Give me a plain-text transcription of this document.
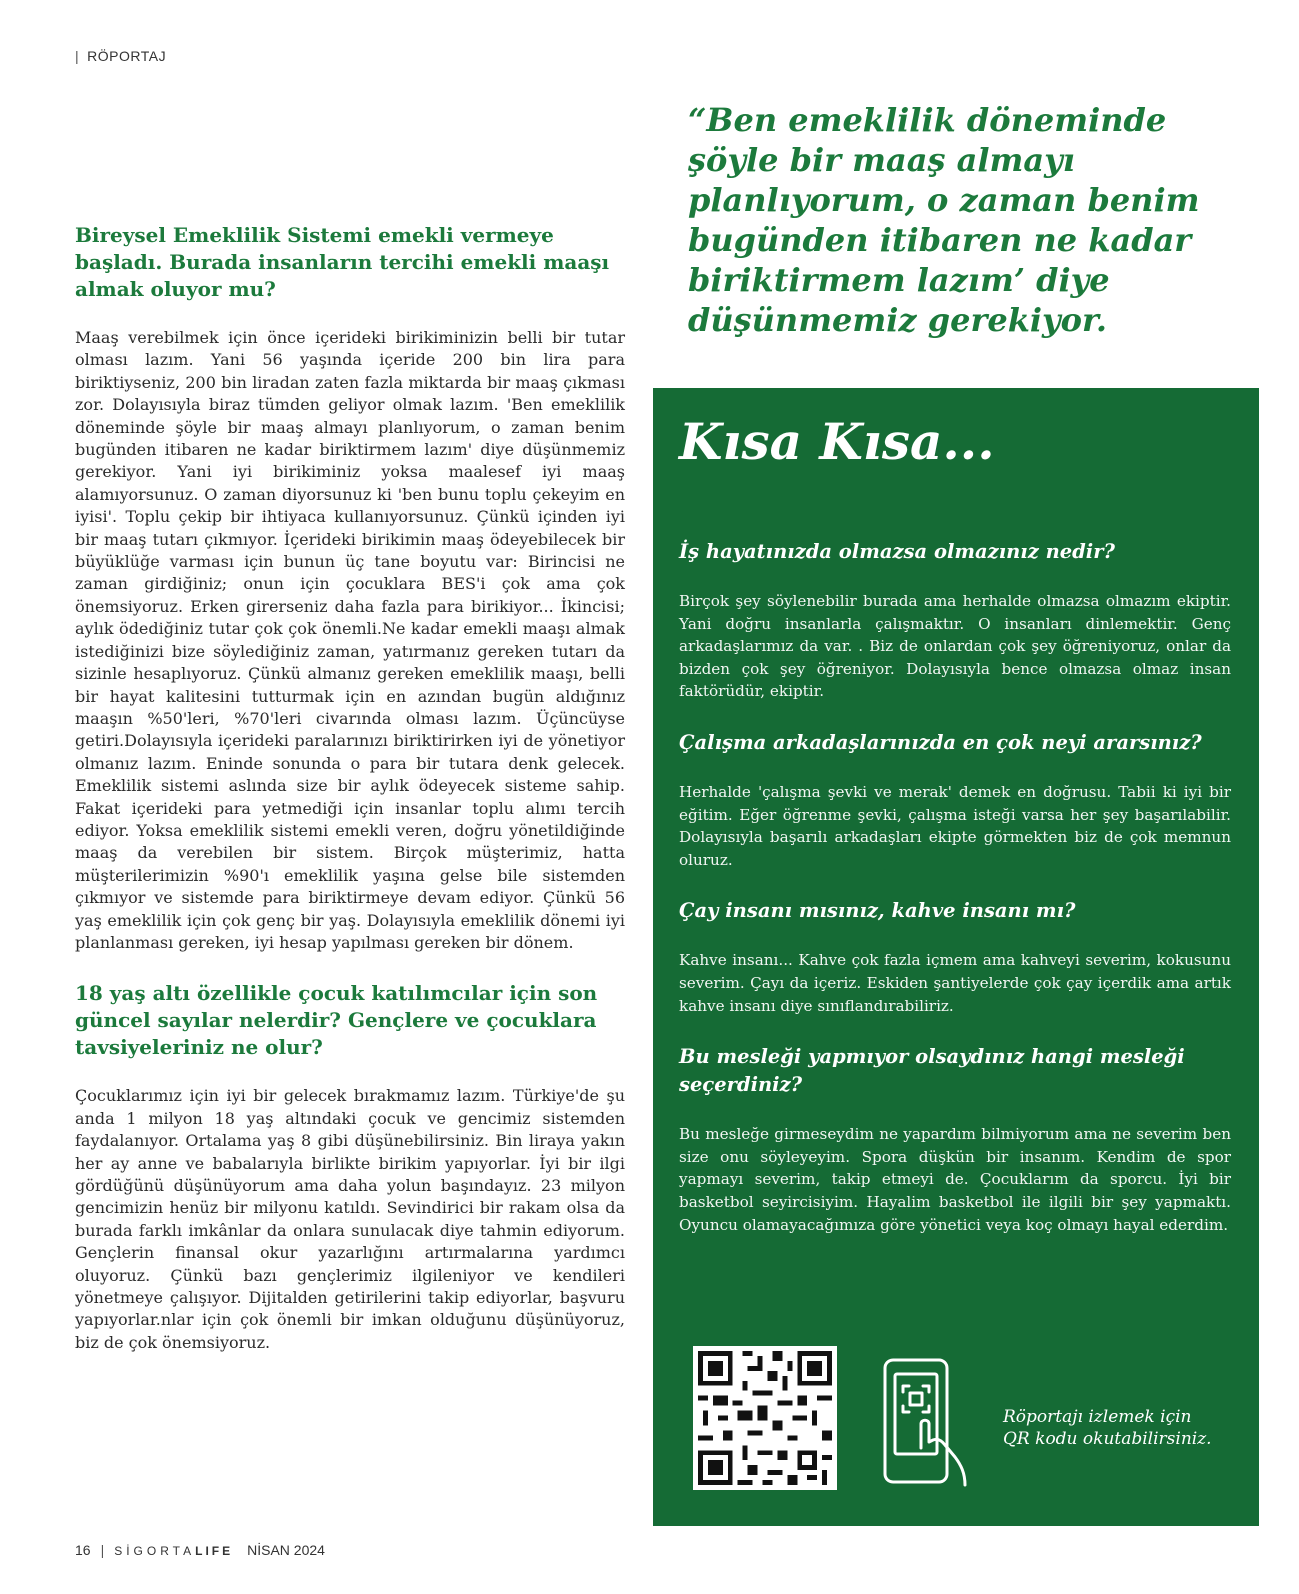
| RÖPORTAJ

Bireysel Emeklilik Sistemi emekli vermeye başladı. Burada insanların tercihi emekli maaşı almak oluyor mu?

Maaş verebilmek için önce içerideki birikiminizin belli bir tutar olması lazım. Yani 56 yaşında içeride 200 bin lira para biriktiyseniz, 200 bin liradan zaten fazla miktarda bir maaş çıkması zor. Dolayısıyla biraz tümden geliyor olmak lazım. 'Ben emeklilik döneminde şöyle bir maaş almayı planlıyorum, o zaman benim bugünden itibaren ne kadar biriktirmem lazım' diye düşünmemiz gerekiyor. Yani iyi birikiminiz yoksa maalesef iyi maaş alamıyorsunuz. O zaman diyorsunuz ki 'ben bunu toplu çekeyim en iyisi'. Toplu çekip bir ihtiyaca kullanıyorsunuz. Çünkü içinden iyi bir maaş tutarı çıkmıyor. İçerideki birikimin maaş ödeyebilecek bir büyüklüğe varması için bunun üç tane boyutu var: Birincisi ne zaman girdiğiniz; onun için çocuklara BES'i çok ama çok önemsiyoruz. Erken girerseniz daha fazla para birikiyor... İkincisi; aylık ödediğiniz tutar çok çok önemli.Ne kadar emekli maaşı almak istediğinizi bize söylediğiniz zaman, yatırmanız gereken tutarı da sizinle hesaplıyoruz. Çünkü almanız gereken emeklilik maaşı, belli bir hayat kalitesini tutturmak için en azından bugün aldığınız maaşın %50'leri, %70'leri civarında olması lazım. Üçüncüyse getiri.Dolayısıyla içerideki paralarınızı biriktirirken iyi de yönetiyor olmanız lazım. Eninde sonunda o para bir tutara denk gelecek. Emeklilik sistemi aslında size bir aylık ödeyecek sisteme sahip. Fakat içerideki para yetmediği için insanlar toplu alımı tercih ediyor. Yoksa emeklilik sistemi emekli veren, doğru yönetildiğinde maaş da verebilen bir sistem. Birçok müşterimiz, hatta müşterilerimizin %90'ı emeklilik yaşına gelse bile sistemden çıkmıyor ve sistemde para biriktirmeye devam ediyor. Çünkü 56 yaş emeklilik için çok genç bir yaş. Dolayısıyla emeklilik dönemi iyi planlanması gereken, iyi hesap yapılması gereken bir dönem.

18 yaş altı özellikle çocuk katılımcılar için son güncel sayılar nelerdir? Gençlere ve çocuklara tavsiyeleriniz ne olur?

Çocuklarımız için iyi bir gelecek bırakmamız lazım. Türkiye'de şu anda 1 milyon 18 yaş altındaki çocuk ve gencimiz sistemden faydalanıyor. Ortalama yaş 8 gibi düşünebilirsiniz. Bin liraya yakın her ay anne ve babalarıyla birlikte birikim yapıyorlar. İyi bir ilgi gördüğünü düşünüyorum ama daha yolun başındayız. 23 milyon gencimizin henüz bir milyonu katıldı. Sevindirici bir rakam olsa da burada farklı imkânlar da onlara sunulacak diye tahmin ediyorum. Gençlerin finansal okur yazarlığını artırmalarına yardımcı oluyoruz. Çünkü bazı gençlerimiz ilgileniyor ve kendileri yönetmeye çalışıyor. Dijitalden getirilerini takip ediyorlar, başvuru yapıyorlar.nlar için çok önemli bir imkan olduğunu düşünüyoruz, biz de çok önemsiyoruz.

“Ben emeklilik döneminde şöyle bir maaş almayı planlıyorum, o zaman benim bugünden itibaren ne kadar biriktirmem lazım’ diye düşünmemiz gerekiyor.
Kısa Kısa...

İş hayatınızda olmazsa olmazınız nedir?

Birçok şey söylenebilir burada ama herhalde olmazsa olmazım ekiptir. Yani doğru insanlarla çalışmaktır. O insanları dinlemektir. Genç arkadaşlarımız da var. . Biz de onlardan çok şey öğreniyoruz, onlar da bizden çok şey öğreniyor. Dolayısıyla bence olmazsa olmaz insan faktörüdür, ekiptir.

Çalışma arkadaşlarınızda en çok neyi ararsınız?

Herhalde 'çalışma şevki ve merak' demek en doğrusu. Tabii ki iyi bir eğitim. Eğer öğrenme şevki, çalışma isteği varsa her şey başarılabilir. Dolayısıyla başarılı arkadaşları ekipte görmekten biz de çok memnun oluruz.

Çay insanı mısınız, kahve insanı mı?

Kahve insanı... Kahve çok fazla içmem ama kahveyi severim, kokusunu severim. Çayı da içeriz. Eskiden şantiyelerde çok çay içerdik ama artık kahve insanı diye sınıflandırabiliriz.

Bu mesleği yapmıyor olsaydınız hangi mesleği seçerdiniz?

Bu mesleğe girmeseydim ne yapardım bilmiyorum ama ne severim ben size onu söyleyeyim. Spora düşkün bir insanım. Kendim de spor yapmayı severim, takip etmeyi de. Çocuklarım da sporcu. İyi bir basketbol seyircisiyim. Hayalim basketbol ile ilgili bir şey yapmaktı. Oyuncu olamayacağımıza göre yönetici veya koç olmayı hayal ederdim.

Röportajı izlemek için
QR kodu okutabilirsiniz.
16 | SİGORTALIFE NİSAN 2024
